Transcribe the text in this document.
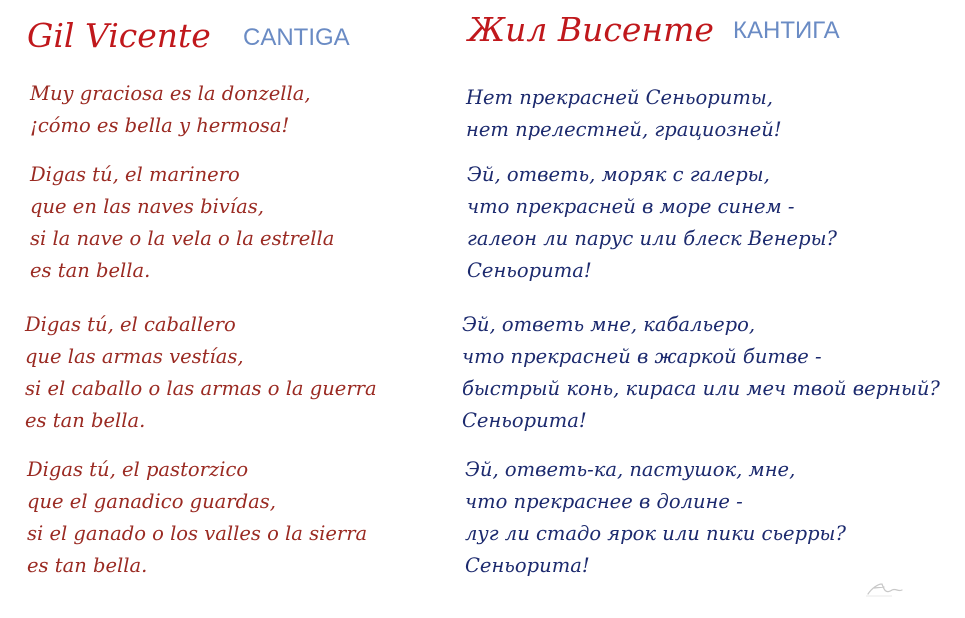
Gil Vicente CANTIGA
Muy graciosa es la donzella,
¡cómo es bella y hermosa!
Digas tú, el marinero
que en las naves bivías,
si la nave o la vela o la estrella
es tan bella.
Digas tú, el caballero
que las armas vestías,
si el caballo o las armas o la guerra
es tan bella.
Digas tú, el pastorzico
que el ganadico guardas,
si el ganado o los valles o la sierra
es tan bella.
Жил Висенте КАНТИГА
Нет прекрасней Сеньориты,
нет прелестней, грациозней!
Эй, ответь, моряк с галеры,
что прекрасней в море синем -
галеон ли парус или блеск Венеры?
Сеньорита!
Эй, ответь мне, кабальеро,
что прекрасней в жаркой битве -
быстрый конь, кираса или меч твой верный?
Сеньорита!
Эй, ответь-ка, пастушок, мне,
что прекраснее в долине -
луг ли стадо ярок или пики сьерры?
Сеньорита!
